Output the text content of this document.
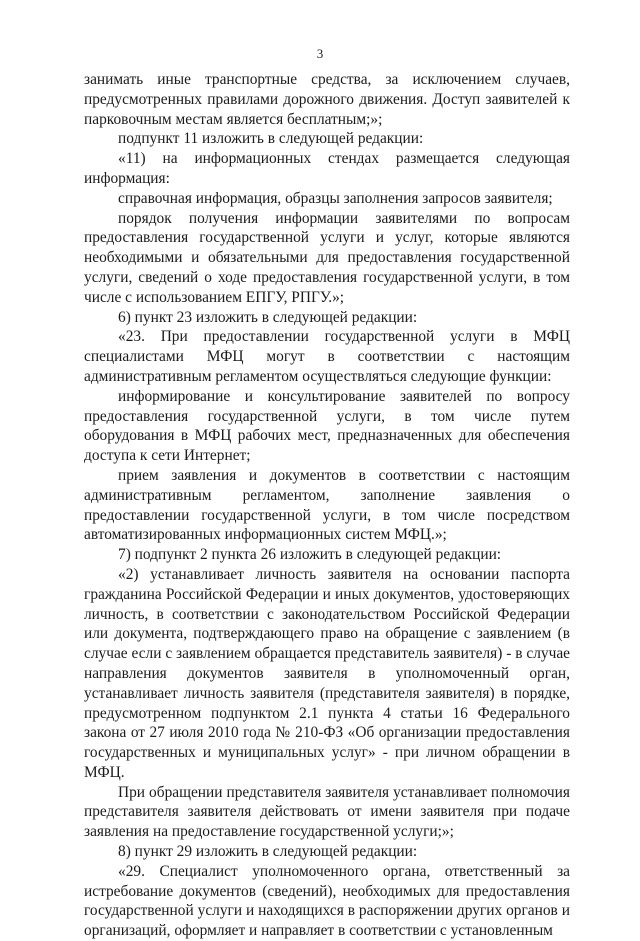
3

занимать иные транспортные средства, за исключением случаев, предусмотренных правилами дорожного движения. Доступ заявителей к парковочным местам является бесплатным;»;

подпункт 11 изложить в следующей редакции:

«11) на информационных стендах размещается следующая информация:

справочная информация, образцы заполнения запросов заявителя;

порядок получения информации заявителями по вопросам предоставления государственной услуги и услуг, которые являются необходимыми и обязательными для предоставления государственной услуги, сведений о ходе предоставления государственной услуги, в том числе с использованием ЕПГУ, РПГУ.»;

6) пункт 23 изложить в следующей редакции:

«23. При предоставлении государственной услуги в МФЦ специалистами МФЦ могут в соответствии с настоящим административным регламентом осуществляться следующие функции:

информирование и консультирование заявителей по вопросу предоставления государственной услуги, в том числе путем оборудования в МФЦ рабочих мест, предназначенных для обеспечения доступа к сети Интернет;

прием заявления и документов в соответствии с настоящим административным регламентом, заполнение заявления о предоставлении государственной услуги, в том числе посредством автоматизированных информационных систем МФЦ.»;

7) подпункт 2 пункта 26 изложить в следующей редакции:

«2) устанавливает личность заявителя на основании паспорта гражданина Российской Федерации и иных документов, удостоверяющих личность, в соответствии с законодательством Российской Федерации или документа, подтверждающего право на обращение с заявлением (в случае если с заявлением обращается представитель заявителя) - в случае направления документов заявителя в уполномоченный орган, устанавливает личность заявителя (представителя заявителя) в порядке, предусмотренном подпунктом 2.1 пункта 4 статьи 16 Федерального закона от 27 июля 2010 года № 210-ФЗ «Об организации предоставления государственных и муниципальных услуг» - при личном обращении в МФЦ.

При обращении представителя заявителя устанавливает полномочия представителя заявителя действовать от имени заявителя при подаче заявления на предоставление государственной услуги;»;

8) пункт 29 изложить в следующей редакции:

«29. Специалист уполномоченного органа, ответственный за истребование документов (сведений), необходимых для предоставления государственной услуги и находящихся в распоряжении других органов и организаций, оформляет и направляет в соответствии с установленным
